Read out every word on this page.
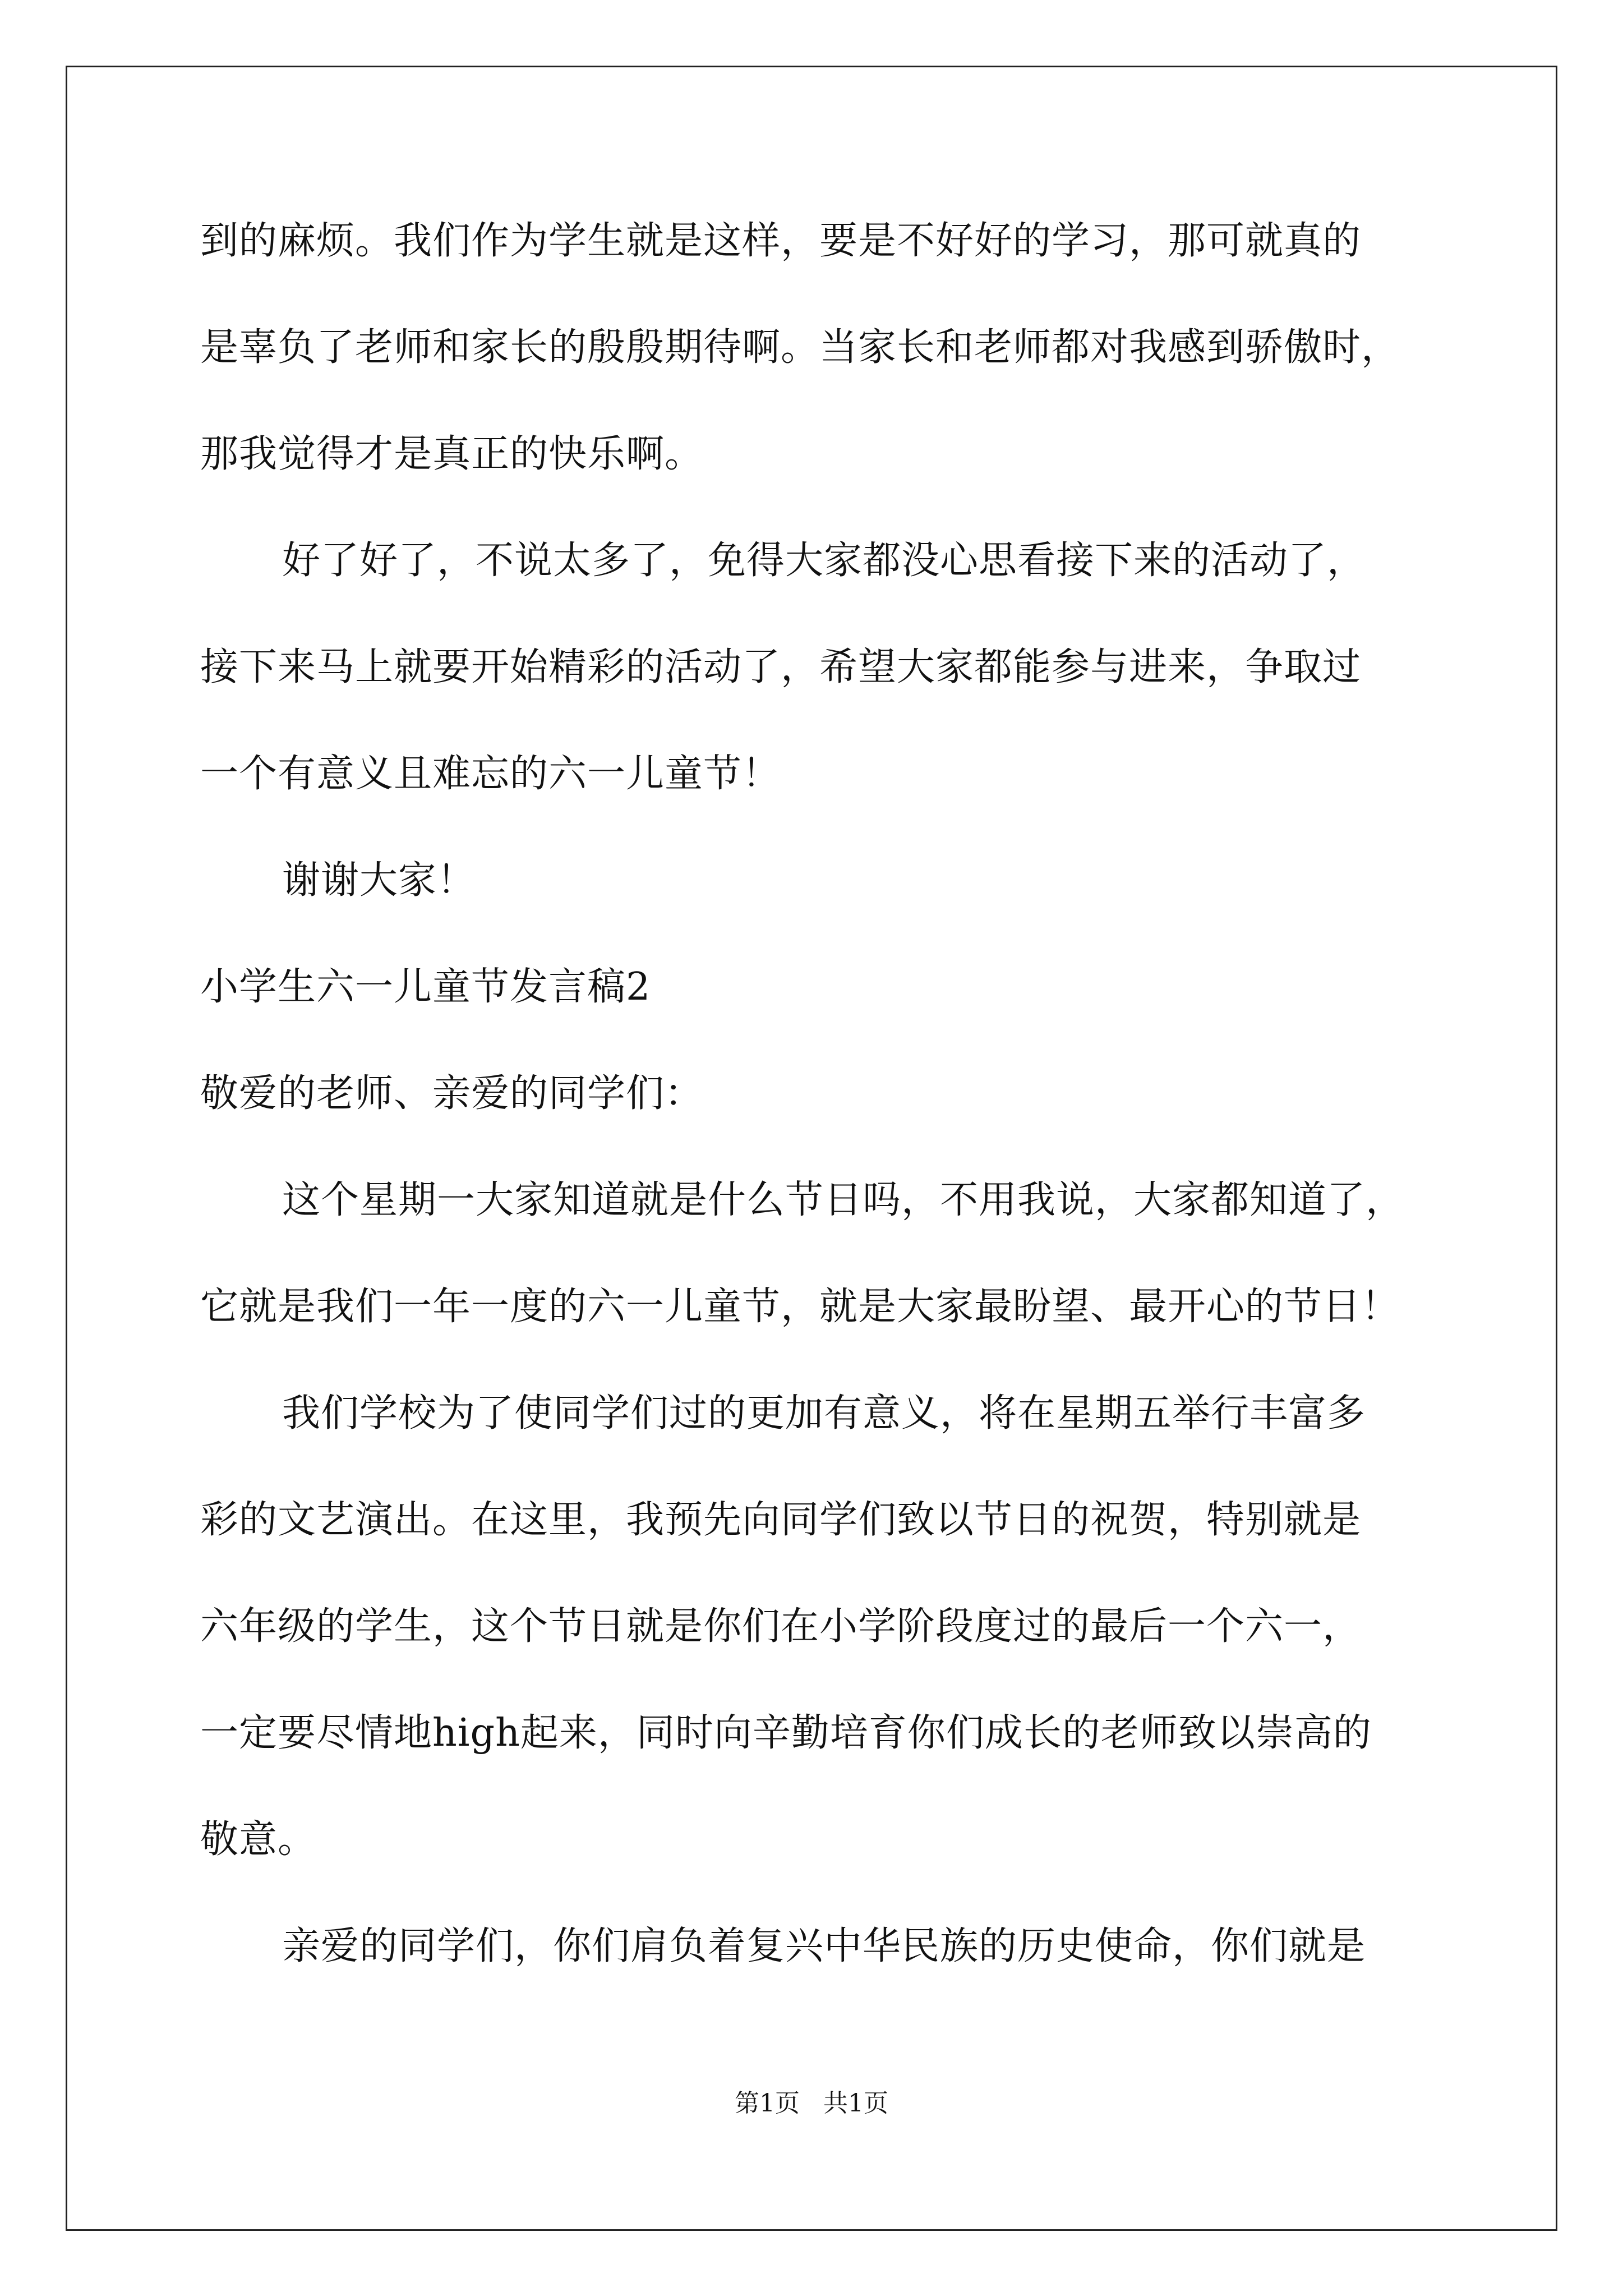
到的麻烦。我们作为学生就是这样，要是不好好的学习，那可就真的
是辜负了老师和家长的殷殷期待啊。当家长和老师都对我感到骄傲时，
那我觉得才是真正的快乐啊。
好了好了，不说太多了，免得大家都没心思看接下来的活动了，
接下来马上就要开始精彩的活动了，希望大家都能参与进来，争取过
一个有意义且难忘的六一儿童节！
谢谢大家！
小学生六一儿童节发言稿2
敬爱的老师、亲爱的同学们：
这个星期一大家知道就是什么节日吗，不用我说，大家都知道了，
它就是我们一年一度的六一儿童节，就是大家最盼望、最开心的节日！
我们学校为了使同学们过的更加有意义，将在星期五举行丰富多
彩的文艺演出。在这里，我预先向同学们致以节日的祝贺，特别就是
六年级的学生，这个节日就是你们在小学阶段度过的最后一个六一，
一定要尽情地high起来，同时向辛勤培育你们成长的老师致以崇高的
敬意。
亲爱的同学们，你们肩负着复兴中华民族的历史使命，你们就是
第1页   共1页
